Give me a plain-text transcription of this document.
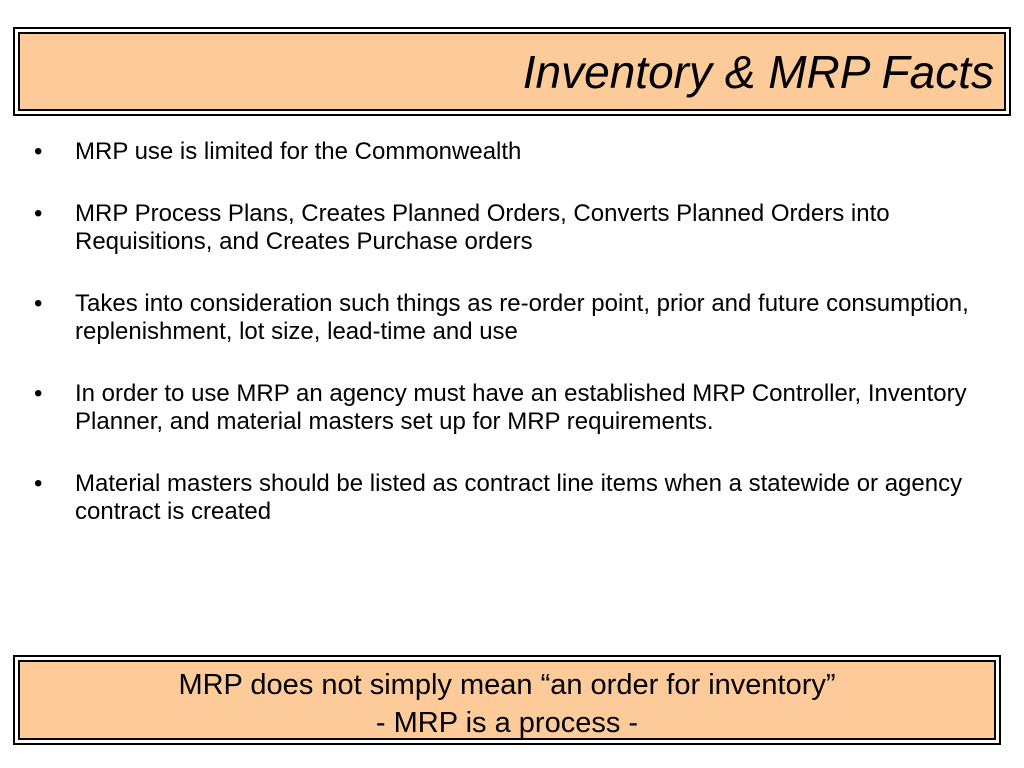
Inventory & MRP Facts
• MRP use is limited for the Commonwealth
• MRP Process Plans, Creates Planned Orders, Converts Planned Orders into Requisitions, and Creates Purchase orders
• Takes into consideration such things as re-order point, prior and future consumption, replenishment, lot size, lead-time and use
• In order to use MRP an agency must have an established MRP Controller, Inventory Planner, and material masters set up for MRP requirements.
• Material masters should be listed as contract line items when a statewide or agency contract is created
MRP does not simply mean “an order for inventory”
- MRP is a process -
